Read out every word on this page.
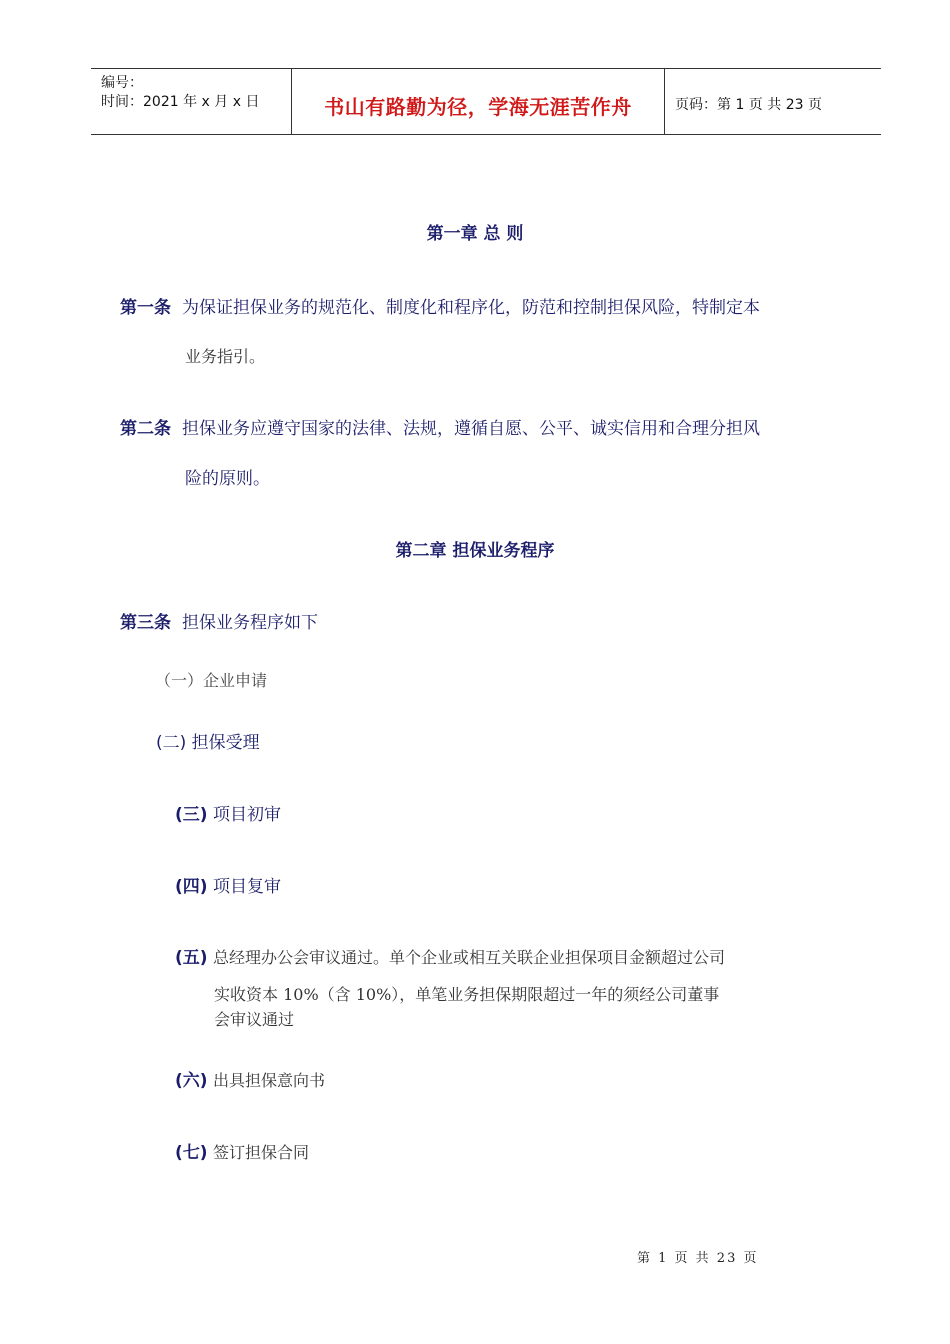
编号：
时间：2021 年 x 月 x 日	书山有路勤为径，学海无涯苦作舟	页码：第 1 页 共 23 页
第一章 总 则
第一条 为保证担保业务的规范化、制度化和程序化，防范和控制担保风险，特制定本
业务指引。
第二条 担保业务应遵守国家的法律、法规，遵循自愿、公平、诚实信用和合理分担风
险的原则。
第二章 担保业务程序
第三条 担保业务程序如下
（一）企业申请
(二) 担保受理
(三) 项目初审
(四) 项目复审
(五) 总经理办公会审议通过。单个企业或相互关联企业担保项目金额超过公司
实收资本 10%（含 10%），单笔业务担保期限超过一年的须经公司董事
会审议通过
(六) 出具担保意向书
(七) 签订担保合同
第 1 页 共 23 页
